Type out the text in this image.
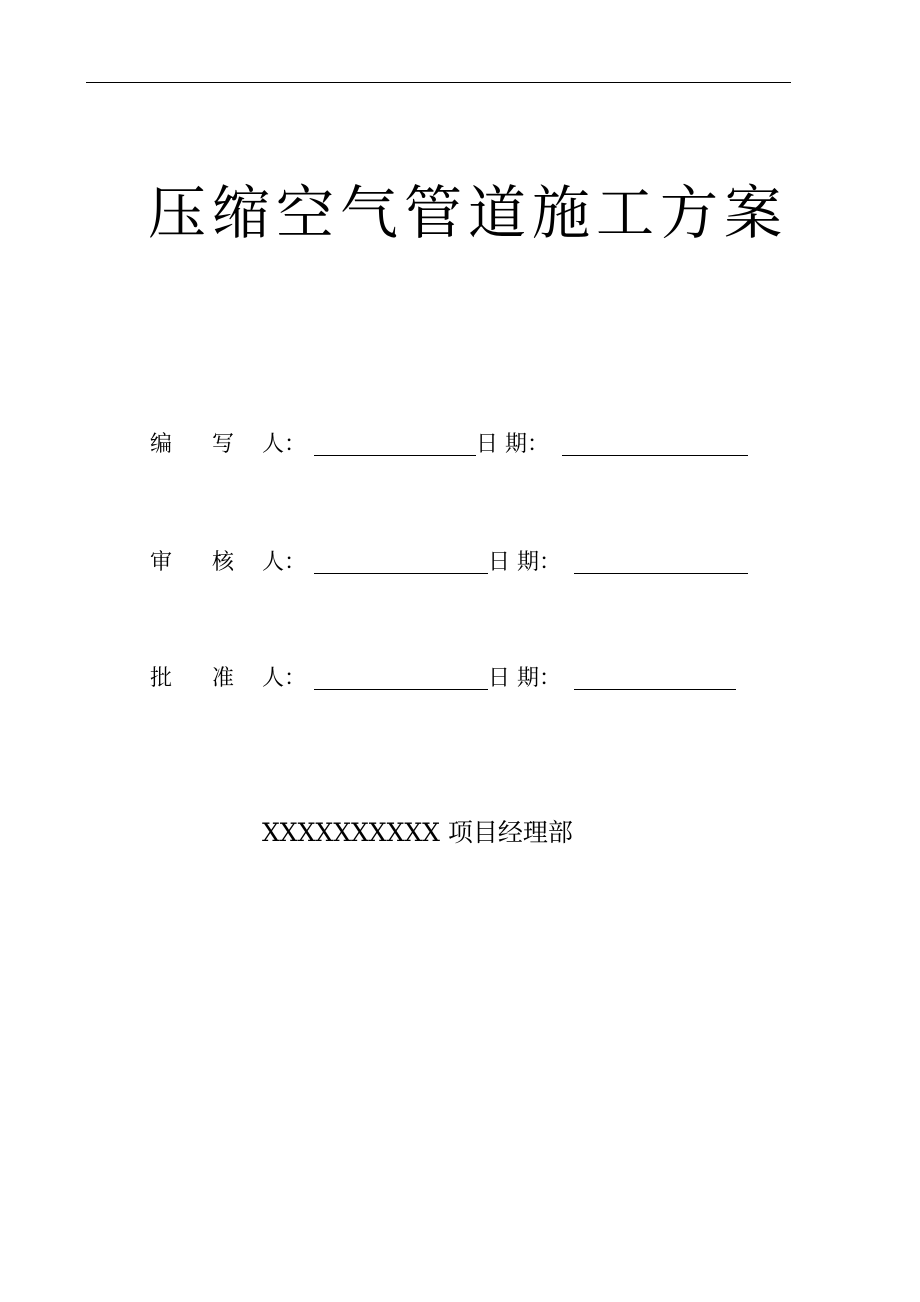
压缩空气管道施工方案
编 写 人：	日 期：
审 核 人：	日 期：
批 准 人：	日 期：
XXXXXXXXXX 项目经理部
